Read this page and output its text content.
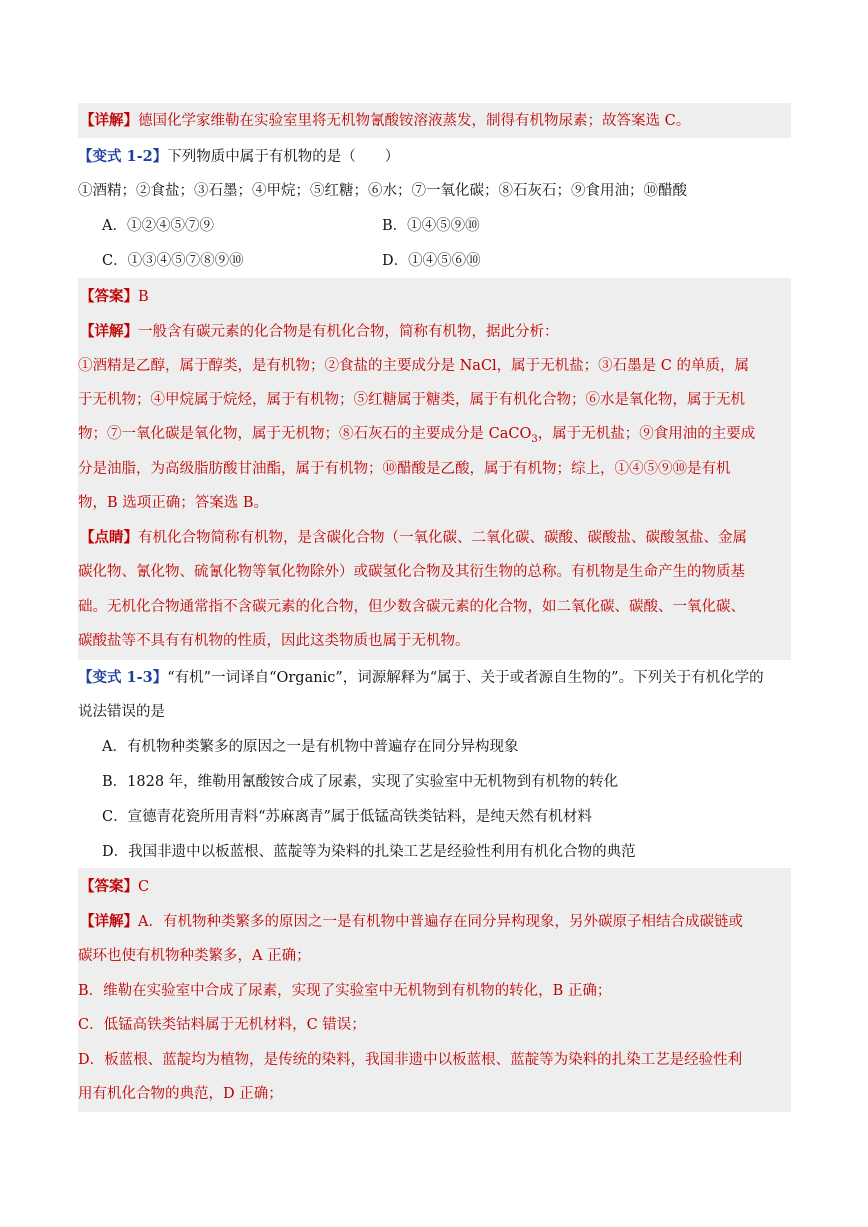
【详解】德国化学家维勒在实验室里将无机物氰酸铵溶液蒸发，制得有机物尿素；故答案选 C。
【变式 1-2】下列物质中属于有机物的是（　　）
①酒精；②食盐；③石墨；④甲烷；⑤红糖；⑥水；⑦一氧化碳；⑧石灰石；⑨食用油；⑩醋酸
A．①②④⑤⑦⑨	B．①④⑤⑨⑩
C．①③④⑤⑦⑧⑨⑩	D．①④⑤⑥⑩
【答案】B
【详解】一般含有碳元素的化合物是有机化合物，简称有机物，据此分析：
①酒精是乙醇，属于醇类，是有机物；②食盐的主要成分是 NaCl，属于无机盐；③石墨是 C 的单质，属
于无机物；④甲烷属于烷烃，属于有机物；⑤红糖属于糖类，属于有机化合物；⑥水是氧化物，属于无机
物；⑦一氧化碳是氧化物，属于无机物；⑧石灰石的主要成分是 CaCO$_3$，属于无机盐；⑨食用油的主要成
分是油脂，为高级脂肪酸甘油酯，属于有机物；⑩醋酸是乙酸，属于有机物；综上，①④⑤⑨⑩是有机
物，B 选项正确；答案选 B。
【点睛】有机化合物简称有机物，是含碳化合物（一氧化碳、二氧化碳、碳酸、碳酸盐、碳酸氢盐、金属
碳化物、氰化物、硫氰化物等氧化物除外）或碳氢化合物及其衍生物的总称。有机物是生命产生的物质基
础。无机化合物通常指不含碳元素的化合物，但少数含碳元素的化合物，如二氧化碳、碳酸、一氧化碳、
碳酸盐等不具有有机物的性质，因此这类物质也属于无机物。
【变式 1-3】“有机”一词译自“Organic”，词源解释为“属于、关于或者源自生物的”。下列关于有机化学的
说法错误的是
A．有机物种类繁多的原因之一是有机物中普遍存在同分异构现象
B．1828 年，维勒用氰酸铵合成了尿素，实现了实验室中无机物到有机物的转化
C．宣德青花瓷所用青料“苏麻离青”属于低锰高铁类钴料，是纯天然有机材料
D．我国非遗中以板蓝根、蓝靛等为染料的扎染工艺是经验性利用有机化合物的典范
【答案】C
【详解】A．有机物种类繁多的原因之一是有机物中普遍存在同分异构现象，另外碳原子相结合成碳链或
碳环也使有机物种类繁多，A 正确；
B．维勒在实验室中合成了尿素，实现了实验室中无机物到有机物的转化，B 正确；
C．低锰高铁类钴料属于无机材料，C 错误；
D．板蓝根、蓝靛均为植物，是传统的染料，我国非遗中以板蓝根、蓝靛等为染料的扎染工艺是经验性利
用有机化合物的典范，D 正确；
